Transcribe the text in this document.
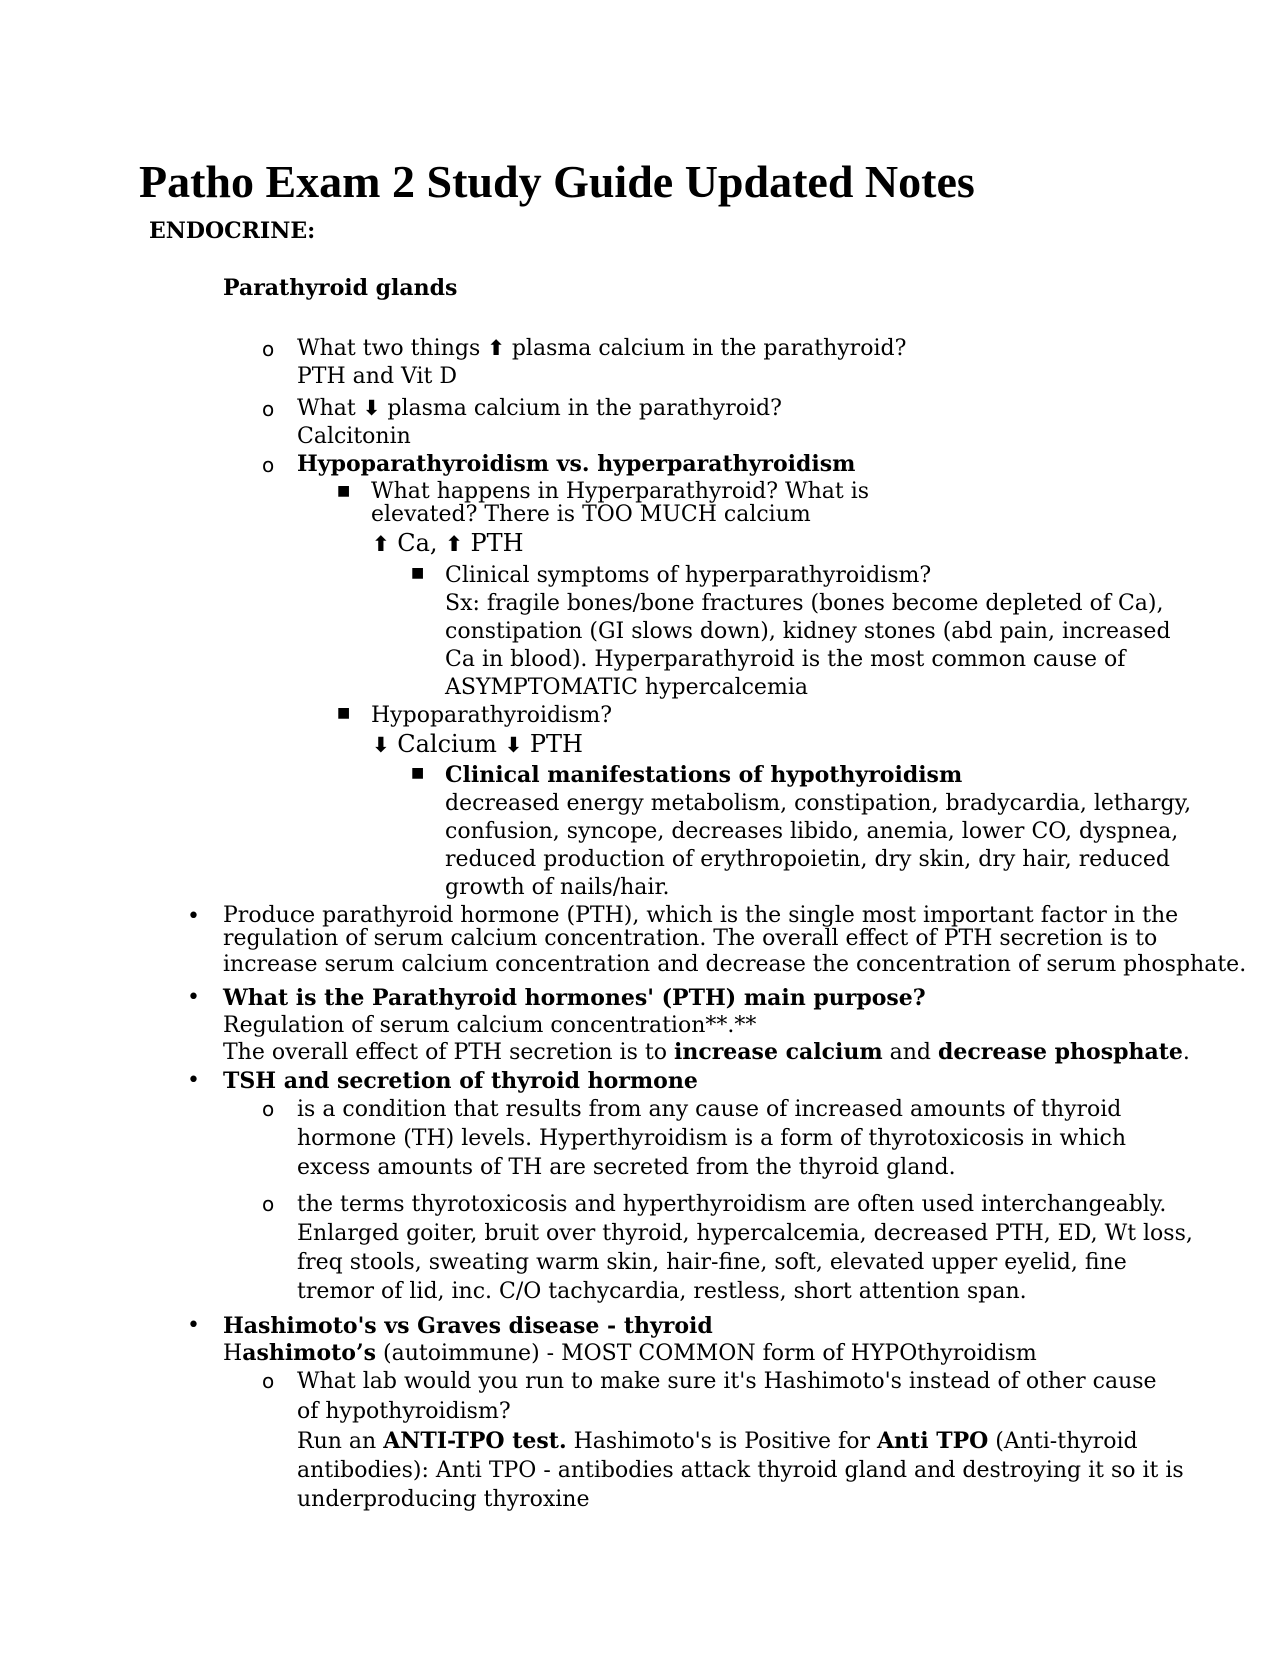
Patho Exam 2 Study Guide Updated Notes
ENDOCRINE:
Parathyroid glands
o What two things ⬆ plasma calcium in the parathyroid?
PTH and Vit D
o What ⬇ plasma calcium in the parathyroid?
Calcitonin
o Hypoparathyroidism vs. hyperparathyroidism
■ What happens in Hyperparathyroid? What is
elevated? There is TOO MUCH calcium
⬆ Ca, ⬆ PTH
■ Clinical symptoms of hyperparathyroidism?
Sx: fragile bones/bone fractures (bones become depleted of Ca),
constipation (GI slows down), kidney stones (abd pain, increased
Ca in blood). Hyperparathyroid is the most common cause of
ASYMPTOMATIC hypercalcemia
■ Hypoparathyroidism?
⬇ Calcium ⬇ PTH
■ Clinical manifestations of hypothyroidism
decreased energy metabolism, constipation, bradycardia, lethargy,
confusion, syncope, decreases libido, anemia, lower CO, dyspnea,
reduced production of erythropoietin, dry skin, dry hair, reduced
growth of nails/hair.
• Produce parathyroid hormone (PTH), which is the single most important factor in the
regulation of serum calcium concentration. The overall effect of PTH secretion is to
increase serum calcium concentration and decrease the concentration of serum phosphate.
• What is the Parathyroid hormones' (PTH) main purpose?
Regulation of serum calcium concentration**.**
The overall effect of PTH secretion is to increase calcium and decrease phosphate.
• TSH and secretion of thyroid hormone
o is a condition that results from any cause of increased amounts of thyroid
hormone (TH) levels. Hyperthyroidism is a form of thyrotoxicosis in which
excess amounts of TH are secreted from the thyroid gland.
o the terms thyrotoxicosis and hyperthyroidism are often used interchangeably.
Enlarged goiter, bruit over thyroid, hypercalcemia, decreased PTH, ED, Wt loss,
freq stools, sweating warm skin, hair-fine, soft, elevated upper eyelid, fine
tremor of lid, inc. C/O tachycardia, restless, short attention span.
• Hashimoto's vs Graves disease - thyroid
Hashimoto’s (autoimmune) - MOST COMMON form of HYPOthyroidism
o What lab would you run to make sure it's Hashimoto's instead of other cause
of hypothyroidism?
Run an ANTI-TPO test. Hashimoto's is Positive for Anti TPO (Anti-thyroid
antibodies): Anti TPO - antibodies attack thyroid gland and destroying it so it is
underproducing thyroxine
